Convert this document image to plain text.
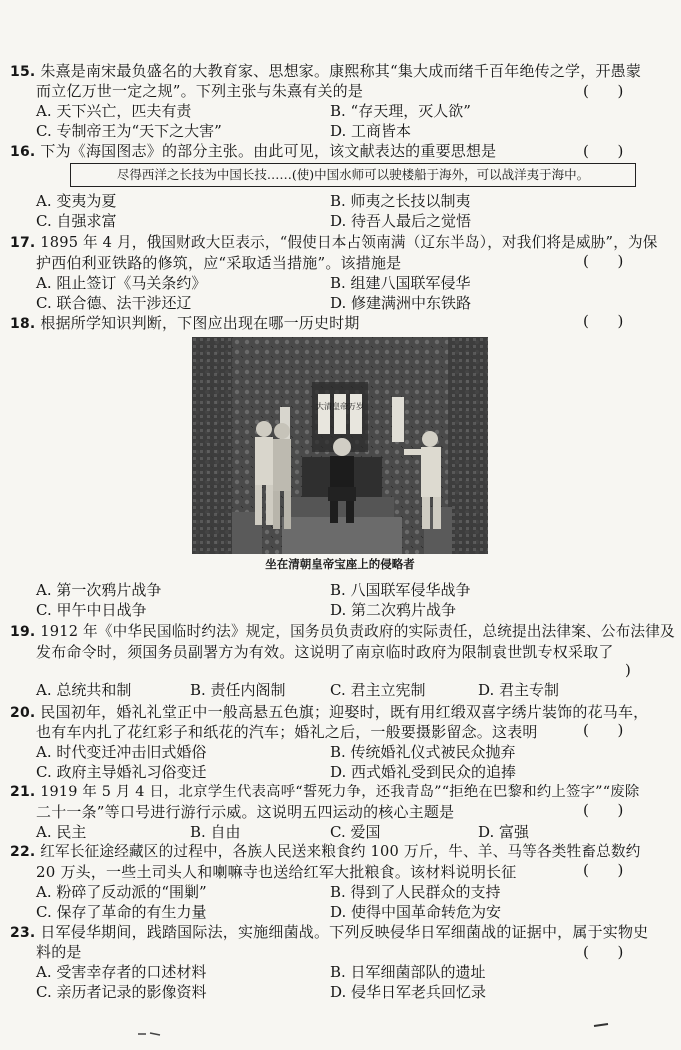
15. 朱熹是南宋最负盛名的大教育家、思想家。康熙称其“集大成而绪千百年绝传之学，开愚蒙
而立亿万世一定之规”。下列主张与朱熹有关的是	(      )
A. 天下兴亡，匹夫有责	B. “存天理，灭人欲”
C. 专制帝王为“天下之大害”	D. 工商皆本
16. 下为《海国图志》的部分主张。由此可见，该文献表达的重要思想是	(      )
尽得西洋之长技为中国长技……(使)中国水师可以驶楼船于海外，可以战洋夷于海中。
A. 变夷为夏	B. 师夷之长技以制夷
C. 自强求富	D. 待吾人最后之觉悟
17. 1895 年 4 月，俄国财政大臣表示，“假使日本占领南满（辽东半岛），对我们将是威胁”，为保
护西伯利亚铁路的修筑，应“采取适当措施”。该措施是	(      )
A. 阻止签订《马关条约》	B. 组建八国联军侵华
C. 联合德、法干涉还辽	D. 修建满洲中东铁路
18. 根据所学知识判断，下图应出现在哪一历史时期	(      )
大清 皇帝 万岁
坐在清朝皇帝宝座上的侵略者
A. 第一次鸦片战争	B. 八国联军侵华战争
C. 甲午中日战争	D. 第二次鸦片战争
19. 1912 年《中华民国临时约法》规定，国务员负责政府的实际责任，总统提出法律案、公布法律及
发布命令时，须国务员副署方为有效。这说明了南京临时政府为限制袁世凯专权采取了
)
A. 总统共和制	B. 责任内阁制	C. 君主立宪制	D. 君主专制
20. 民国初年，婚礼礼堂正中一般高悬五色旗；迎娶时，既有用红缎双喜字绣片装饰的花马车，
也有车内扎了花红彩子和纸花的汽车；婚礼之后，一般要摄影留念。这表明	(      )
A. 时代变迁冲击旧式婚俗	B. 传统婚礼仪式被民众抛弃
C. 政府主导婚礼习俗变迁	D. 西式婚礼受到民众的追捧
21. 1919 年 5 月 4 日，北京学生代表高呼“誓死力争，还我青岛”“拒绝在巴黎和约上签字”“废除
二十一条”等口号进行游行示威。这说明五四运动的核心主题是	(      )
A. 民主	B. 自由	C. 爱国	D. 富强
22. 红军长征途经藏区的过程中，各族人民送来粮食约 100 万斤，牛、羊、马等各类牲畜总数约
20 万头，一些土司头人和喇嘛寺也送给红军大批粮食。该材料说明长征	(      )
A. 粉碎了反动派的“围剿”	B. 得到了人民群众的支持
C. 保存了革命的有生力量	D. 使得中国革命转危为安
23. 日军侵华期间，践踏国际法，实施细菌战。下列反映侵华日军细菌战的证据中，属于实物史
料的是	(      )
A. 受害幸存者的口述材料	B. 日军细菌部队的遗址
C. 亲历者记录的影像资料	D. 侵华日军老兵回忆录
